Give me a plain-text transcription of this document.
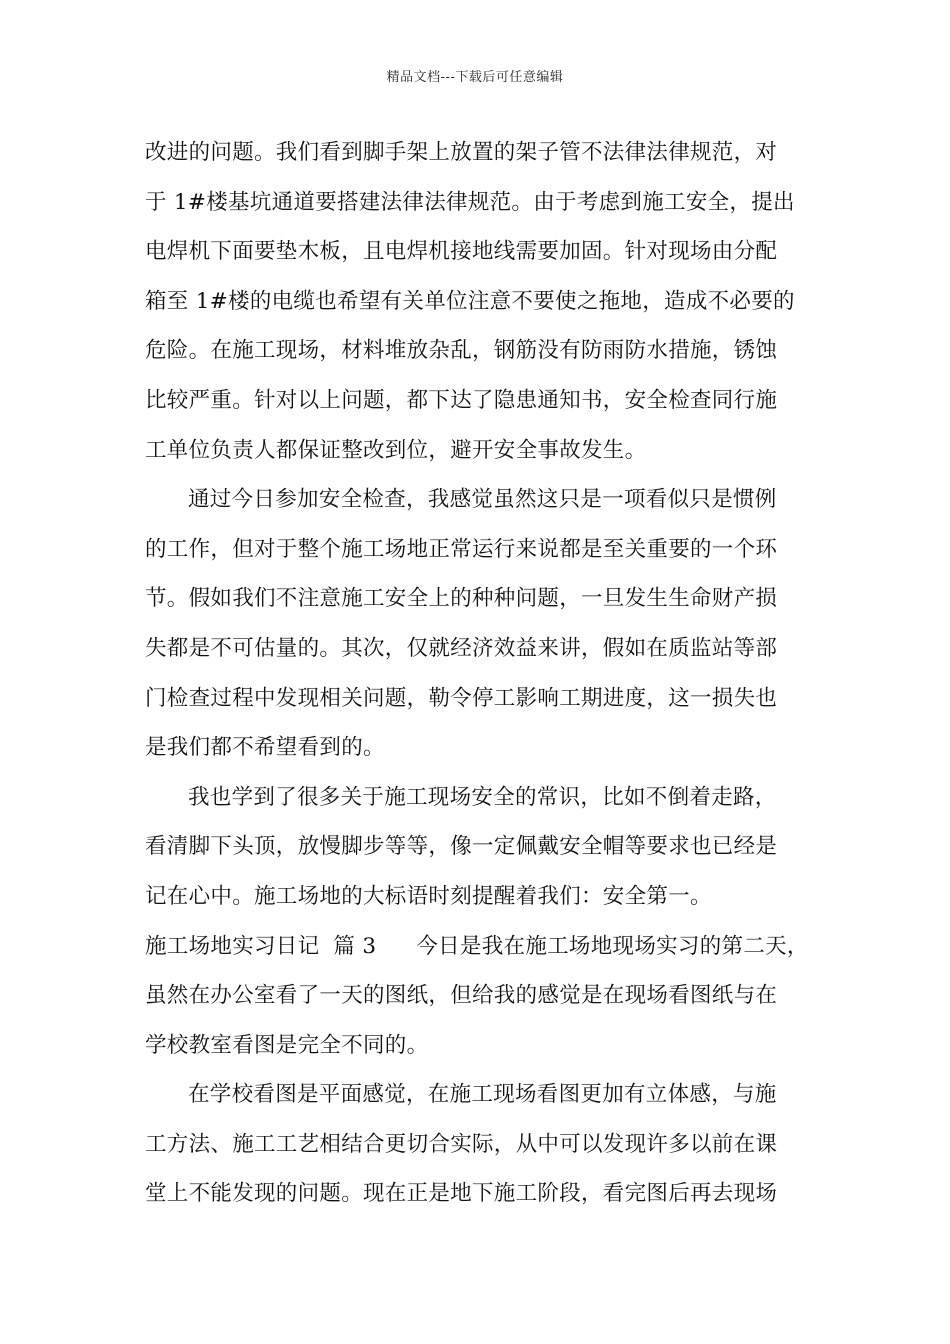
精品文档---下载后可任意编辑
改进的问题。我们看到脚手架上放置的架子管不法律法律规范，对
于 1#楼基坑通道要搭建法律法律规范。由于考虑到施工安全，提出
电焊机下面要垫木板，且电焊机接地线需要加固。针对现场由分配
箱至 1#楼的电缆也希望有关单位注意不要使之拖地，造成不必要的
危险。在施工现场，材料堆放杂乱，钢筋没有防雨防水措施，锈蚀
比较严重。针对以上问题，都下达了隐患通知书，安全检查同行施
工单位负责人都保证整改到位，避开安全事故发生。
通过今日参加安全检查，我感觉虽然这只是一项看似只是惯例
的工作，但对于整个施工场地正常运行来说都是至关重要的一个环
节。假如我们不注意施工安全上的种种问题，一旦发生生命财产损
失都是不可估量的。其次，仅就经济效益来讲，假如在质监站等部
门检查过程中发现相关问题，勒令停工影响工期进度，这一损失也
是我们都不希望看到的。
我也学到了很多关于施工现场安全的常识，比如不倒着走路，
看清脚下头顶，放慢脚步等等，像一定佩戴安全帽等要求也已经是
记在心中。施工场地的大标语时刻提醒着我们：安全第一。
施工场地实习日记 篇 3 今日是我在施工场地现场实习的第二天，
虽然在办公室看了一天的图纸，但给我的感觉是在现场看图纸与在
学校教室看图是完全不同的。
在学校看图是平面感觉，在施工现场看图更加有立体感，与施
工方法、施工工艺相结合更切合实际，从中可以发现许多以前在课
堂上不能发现的问题。现在正是地下施工阶段，看完图后再去现场
